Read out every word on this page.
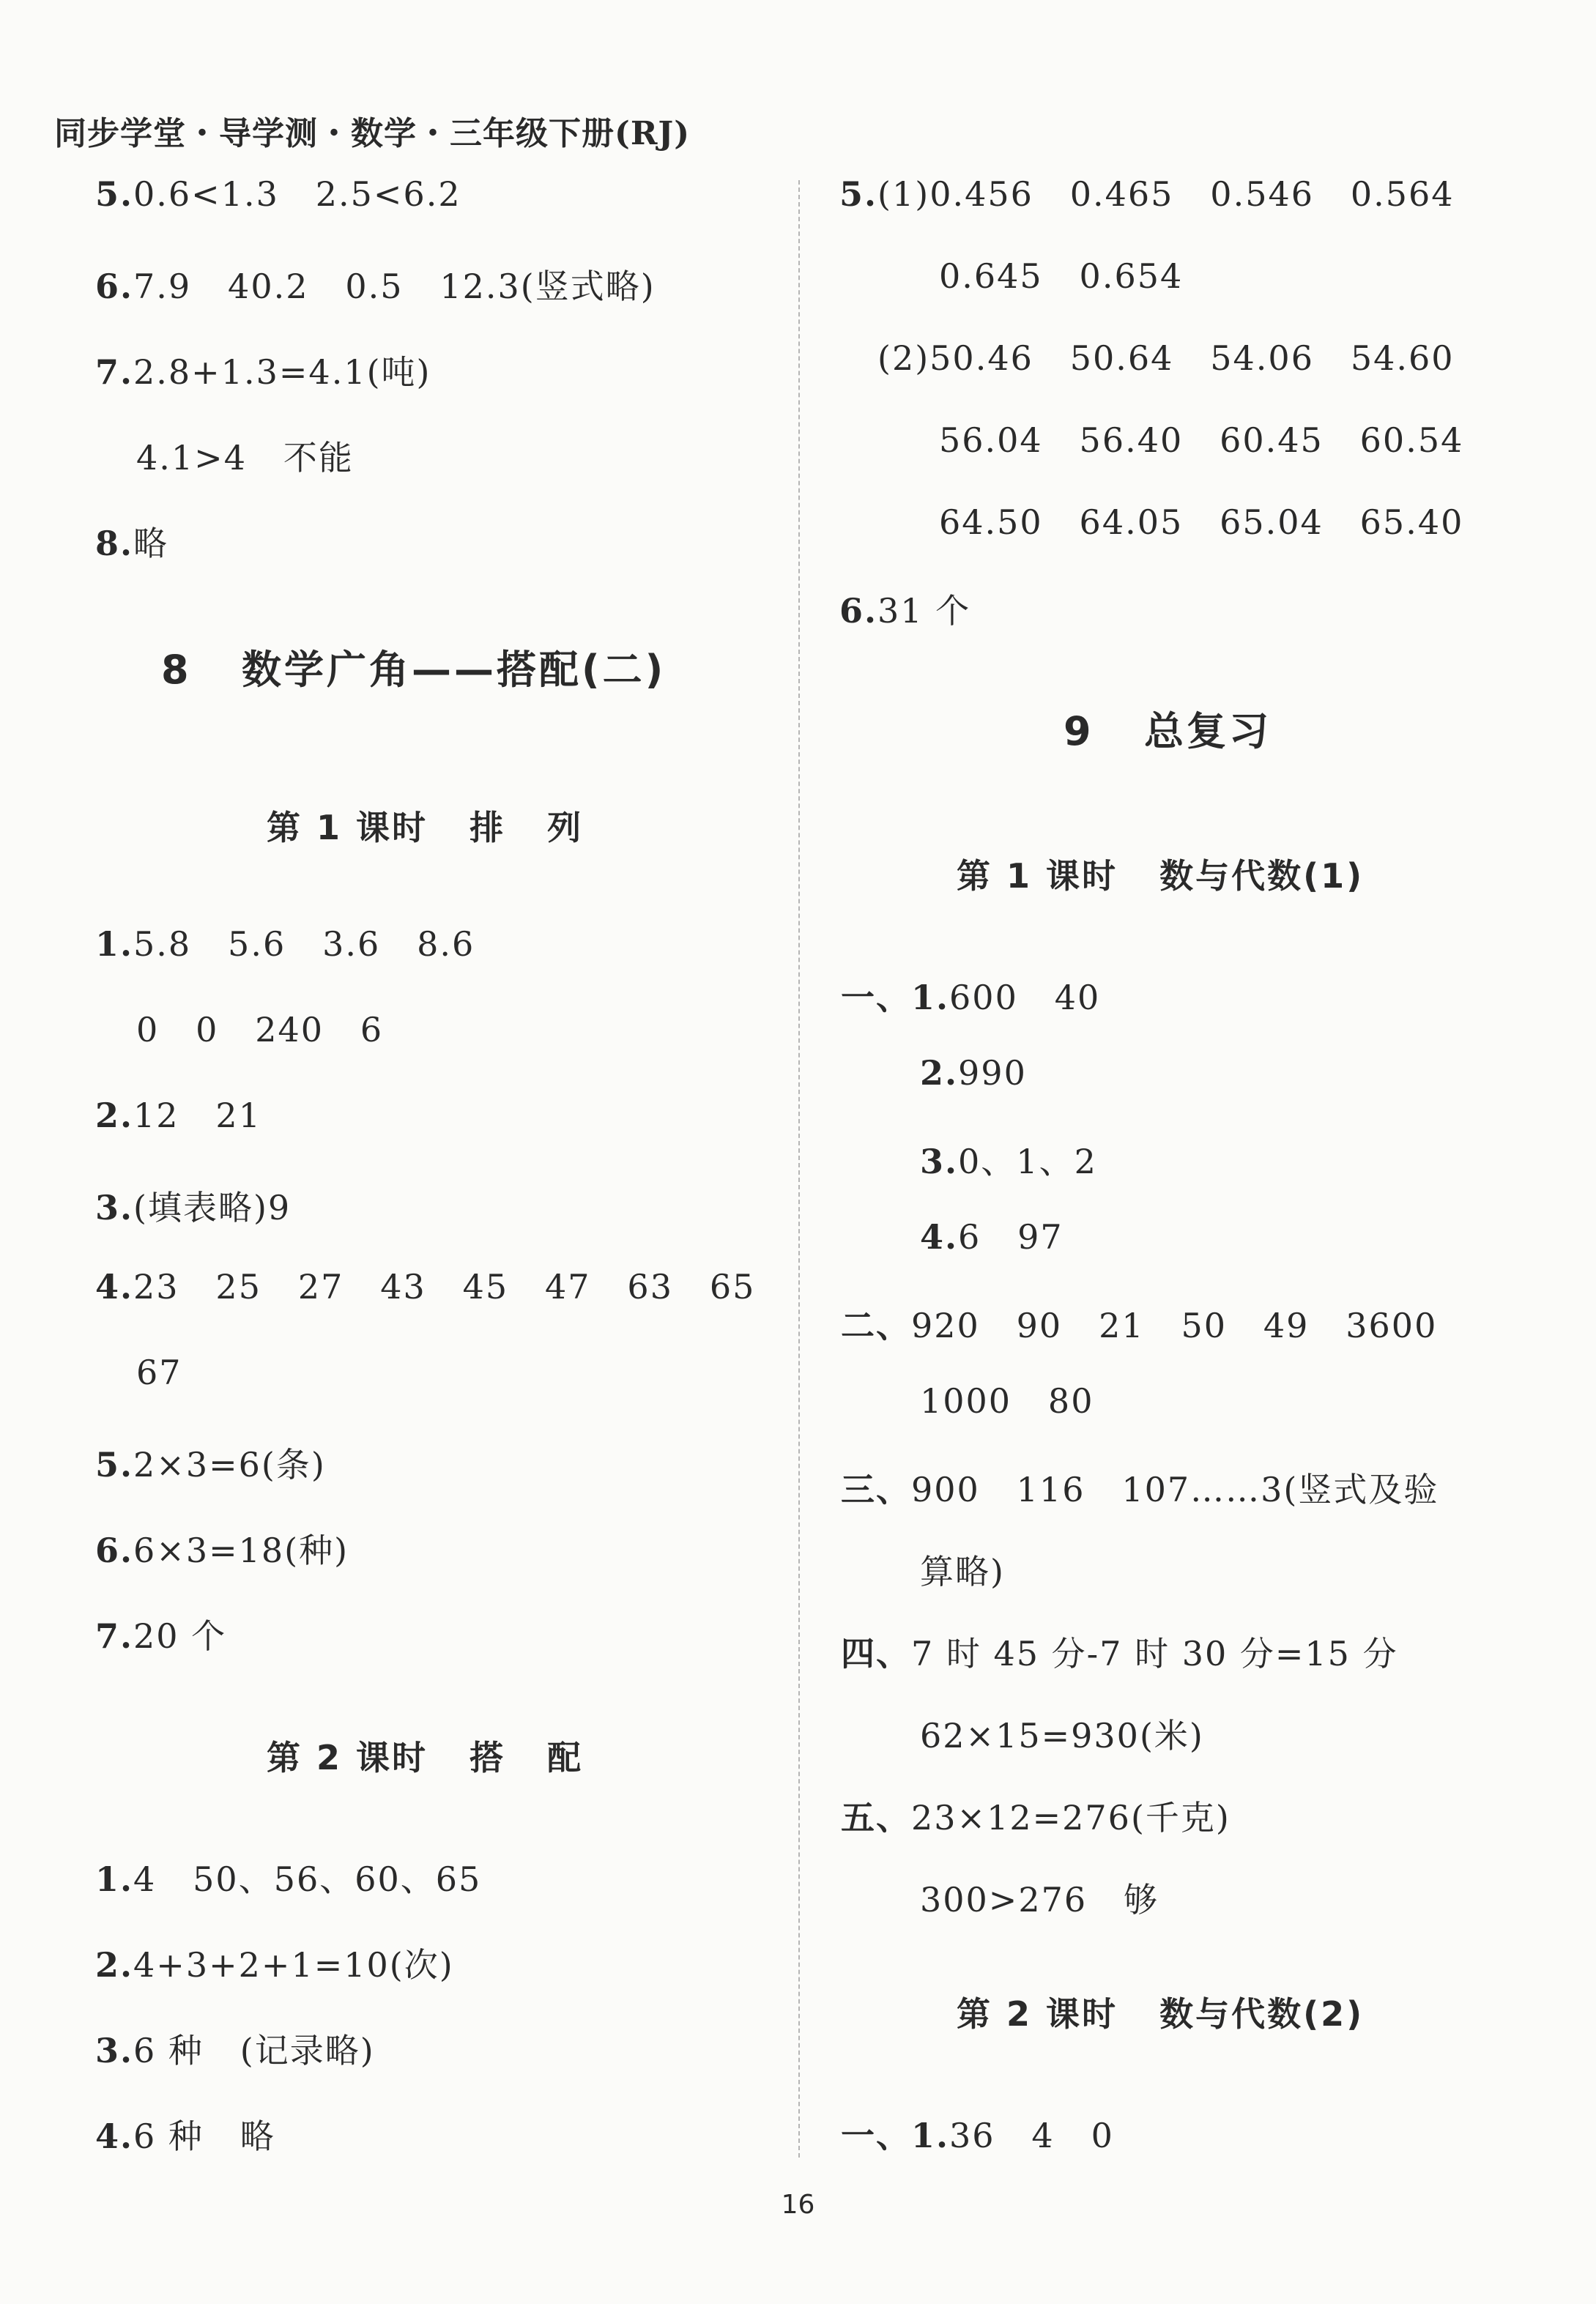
同步学堂・导学测・数学・三年级下册(RJ)
5.0.6<1.3   2.5<6.2
6.7.9   40.2   0.5   12.3(竖式略)
7.2.8+1.3=4.1(吨)
4.1>4   不能
8.略
8   数学广角——搭配(二)
第 1 课时   排   列
1.5.8   5.6   3.6   8.6
0   0   240   6
2.12   21
3.(填表略)9
4.23   25   27   43   45   47   63   65
67
5.2×3=6(条)
6.6×3=18(种)
7.20 个
第 2 课时   搭   配
1.4   50、56、60、65
2.4+3+2+1=10(次)
3.6 种   (记录略)
4.6 种   略
5.(1)0.456   0.465   0.546   0.564
0.645   0.654
(2)50.46   50.64   54.06   54.60
56.04   56.40   60.45   60.54
64.50   64.05   65.04   65.40
6.31 个
9   总复习
第 1 课时   数与代数(1)
一、1.600   40
2.990
3.0、1、2
4.6   97
二、920   90   21   50   49   3600
1000   80
三、900   116   107……3(竖式及验
算略)
四、7 时 45 分-7 时 30 分=15 分
62×15=930(米)
五、23×12=276(千克)
300>276   够
第 2 课时   数与代数(2)
一、1.36   4   0
16
